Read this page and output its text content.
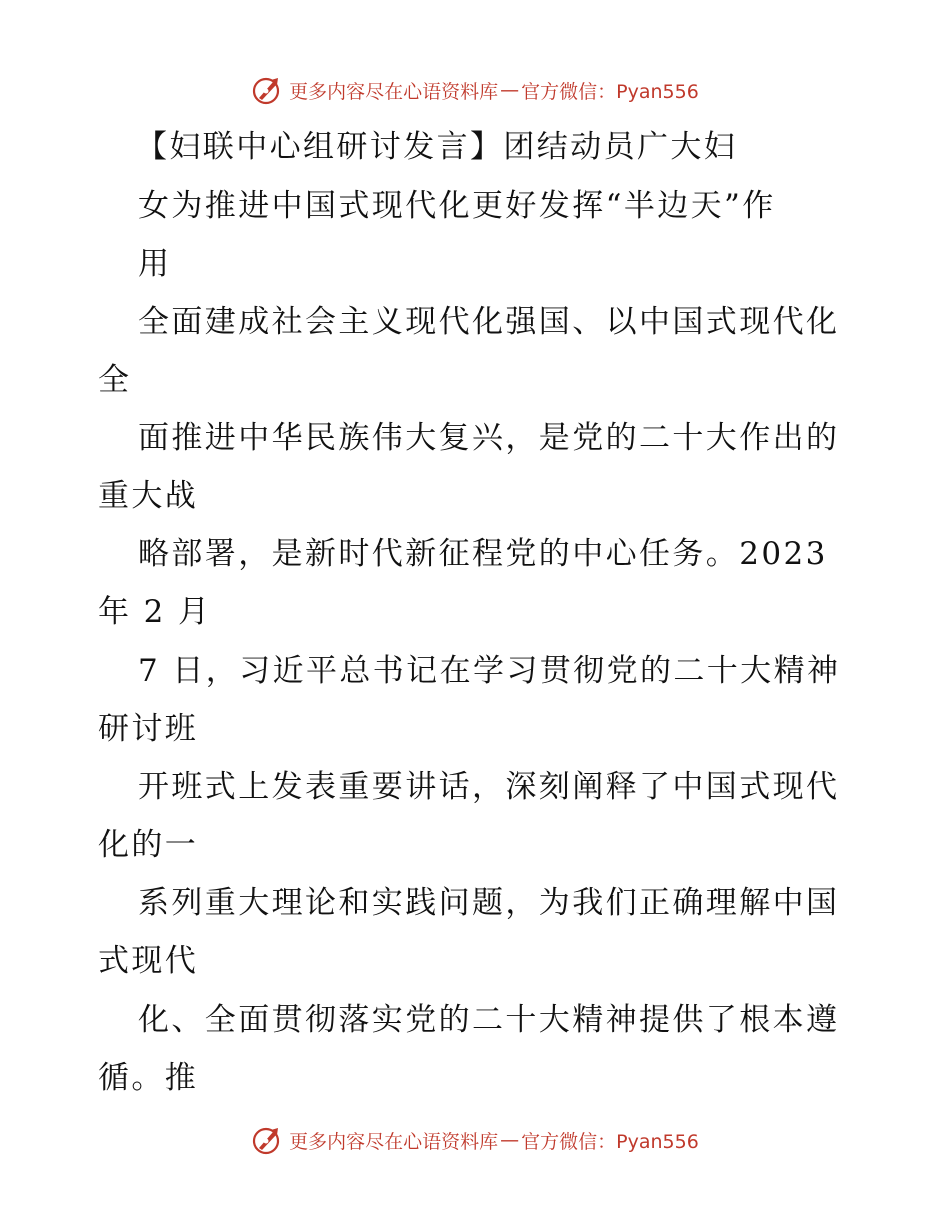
更多内容尽在心语资料库 — 官方微信：Pyan556
【妇联中心组研讨发言】团结动员广大妇
女为推进中国式现代化更好发挥“半边天”作
用
全面建成社会主义现代化强国、以中国式现代化
全
面推进中华民族伟大复兴，是党的二十大作出的
重大战
略部署，是新时代新征程党的中心任务。2023
年 2 月
7 日，习近平总书记在学习贯彻党的二十大精神
研讨班
开班式上发表重要讲话，深刻阐释了中国式现代
化的一
系列重大理论和实践问题，为我们正确理解中国
式现代
化、全面贯彻落实党的二十大精神提供了根本遵
循。推
更多内容尽在心语资料库 — 官方微信：Pyan556
